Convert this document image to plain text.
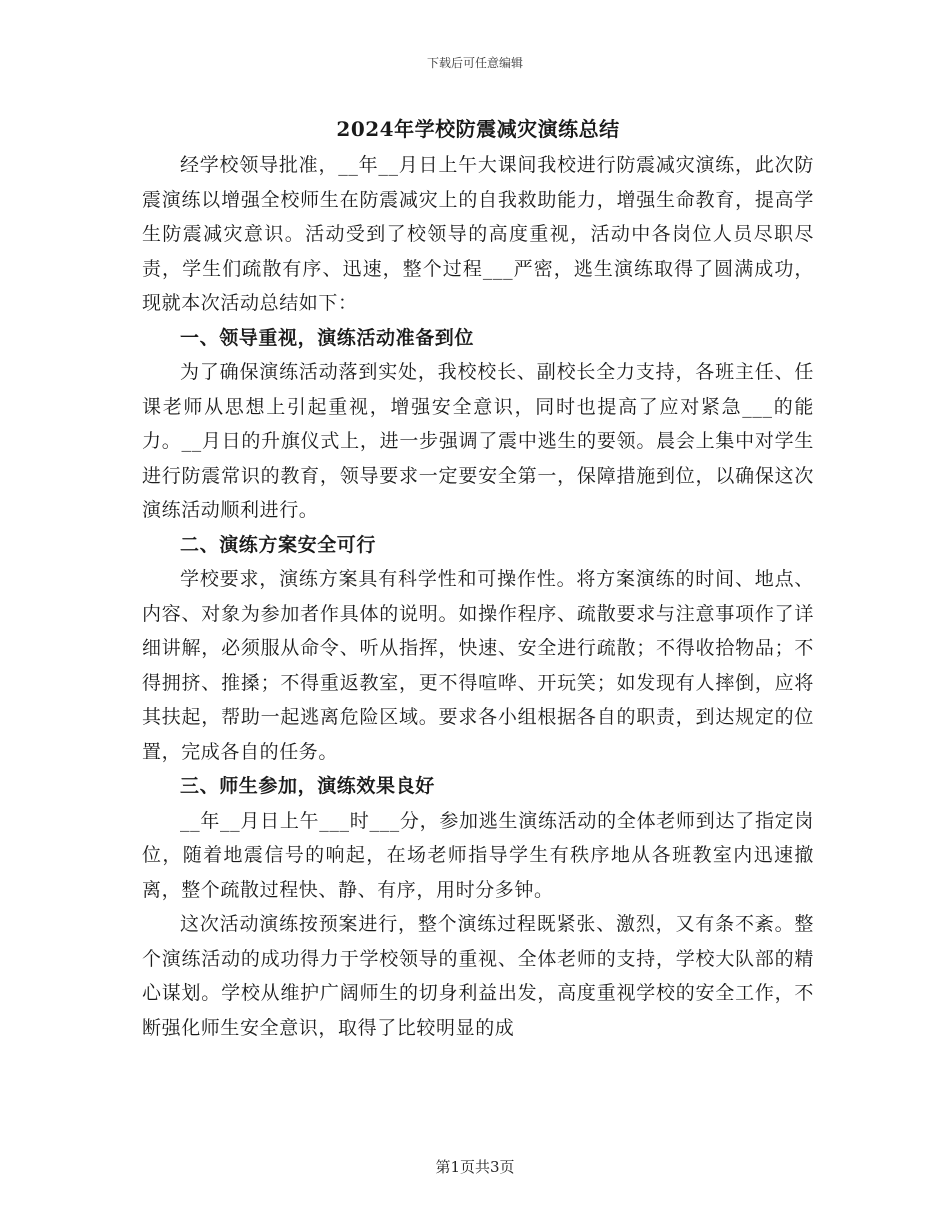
下载后可任意编辑
2024年学校防震减灾演练总结

经学校领导批准，__年__月日上午大课间我校进行防震减灾演练，此次防震演练以增强全校师生在防震减灾上的自我救助能力，增强生命教育，提高学生防震减灾意识。活动受到了校领导的高度重视，活动中各岗位人员尽职尽责，学生们疏散有序、迅速，整个过程___严密，逃生演练取得了圆满成功，现就本次活动总结如下：

一、领导重视，演练活动准备到位

为了确保演练活动落到实处，我校校长、副校长全力支持，各班主任、任课老师从思想上引起重视，增强安全意识，同时也提高了应对紧急___的能力。__月日的升旗仪式上，进一步强调了震中逃生的要领。晨会上集中对学生进行防震常识的教育，领导要求一定要安全第一，保障措施到位，以确保这次演练活动顺利进行。

二、演练方案安全可行

学校要求，演练方案具有科学性和可操作性。将方案演练的时间、地点、内容、对象为参加者作具体的说明。如操作程序、疏散要求与注意事项作了详细讲解，必须服从命令、听从指挥，快速、安全进行疏散；不得收拾物品；不得拥挤、推搡；不得重返教室，更不得喧哗、开玩笑；如发现有人摔倒，应将其扶起，帮助一起逃离危险区域。要求各小组根据各自的职责，到达规定的位置，完成各自的任务。

三、师生参加，演练效果良好

__年__月日上午___时___分，参加逃生演练活动的全体老师到达了指定岗位，随着地震信号的响起，在场老师指导学生有秩序地从各班教室内迅速撤离，整个疏散过程快、静、有序，用时分多钟。

这次活动演练按预案进行，整个演练过程既紧张、激烈，又有条不紊。整个演练活动的成功得力于学校领导的重视、全体老师的支持，学校大队部的精心谋划。学校从维护广阔师生的切身利益出发，高度重视学校的安全工作，不断强化师生安全意识，取得了比较明显的成

第1页共3页
